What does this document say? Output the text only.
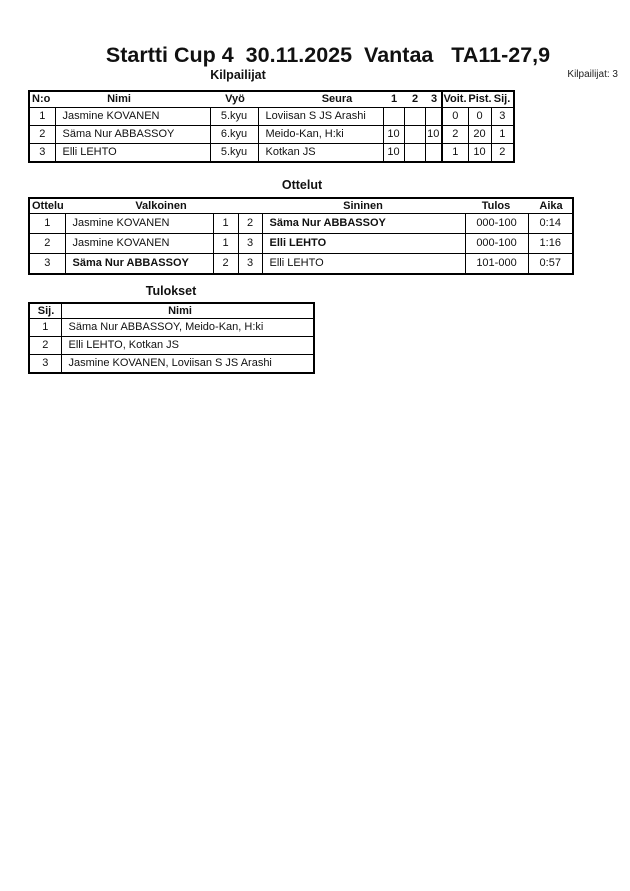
Startti Cup 4  30.11.2025  Vantaa   TA11-27,9
Kilpailijat	Kilpailijat: 3
N:o	Nimi	Vyö	Seura	1 2 3 Voit. Pist. Sij.
1	Jasmine KOVANEN	5.kyu	Loviisan S JS Arashi				0	0	3
2	Säma Nur ABBASSOY	6.kyu	Meido-Kan, H:ki	10		10	2	20	1
3	Elli LEHTO	5.kyu	Kotkan JS	10			1	10	2
Ottelut
Ottelu	Valkoinen	Sininen	Tulos	Aika
1	Jasmine KOVANEN	1	2	Säma Nur ABBASSOY	000-100	0:14
2	Jasmine KOVANEN	1	3	Elli LEHTO	000-100	1:16
3	Säma Nur ABBASSOY	2	3	Elli LEHTO	101-000	0:57
Tulokset
Sij.	Nimi
1	Säma Nur ABBASSOY, Meido-Kan, H:ki
2	Elli LEHTO, Kotkan JS
3	Jasmine KOVANEN, Loviisan S JS Arashi
